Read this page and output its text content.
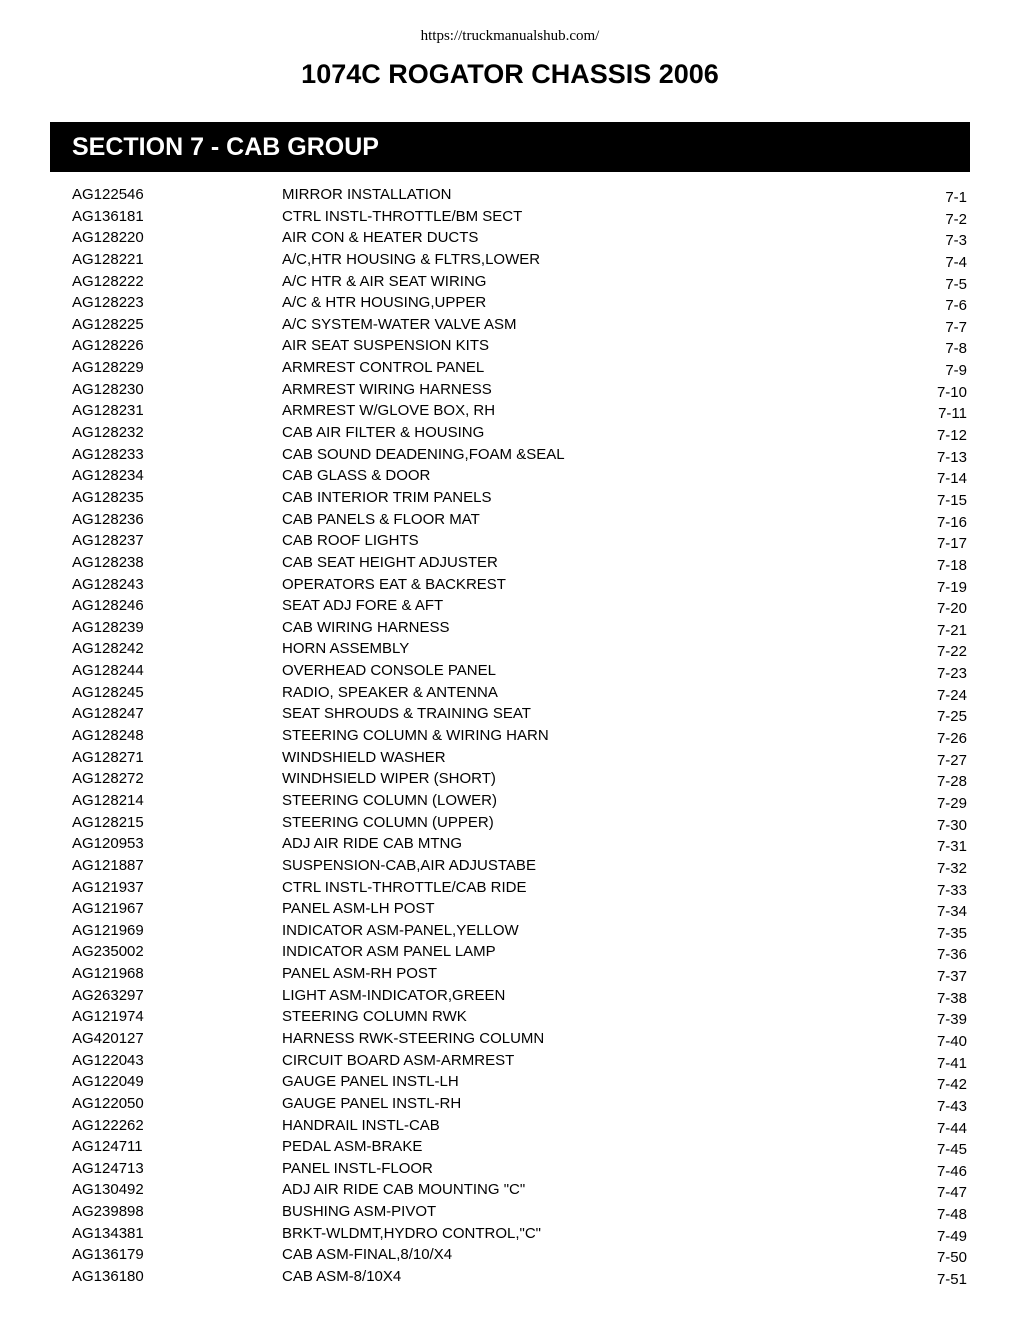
https://truckmanualshub.com/
1074C ROGATOR CHASSIS 2006
SECTION 7 - CAB GROUP
AG122546	MIRROR INSTALLATION	7-1
AG136181	CTRL INSTL-THROTTLE/BM SECT	7-2
AG128220	AIR CON & HEATER DUCTS	7-3
AG128221	A/C,HTR HOUSING & FLTRS,LOWER	7-4
AG128222	A/C HTR & AIR SEAT WIRING	7-5
AG128223	A/C & HTR HOUSING,UPPER	7-6
AG128225	A/C SYSTEM-WATER VALVE ASM	7-7
AG128226	AIR SEAT SUSPENSION KITS	7-8
AG128229	ARMREST CONTROL PANEL	7-9
AG128230	ARMREST WIRING HARNESS	7-10
AG128231	ARMREST W/GLOVE BOX, RH	7-11
AG128232	CAB AIR FILTER & HOUSING	7-12
AG128233	CAB SOUND DEADENING,FOAM &SEAL	7-13
AG128234	CAB GLASS & DOOR	7-14
AG128235	CAB INTERIOR TRIM PANELS	7-15
AG128236	CAB PANELS & FLOOR MAT	7-16
AG128237	CAB ROOF LIGHTS	7-17
AG128238	CAB SEAT HEIGHT ADJUSTER	7-18
AG128243	OPERATORS EAT & BACKREST	7-19
AG128246	SEAT ADJ FORE & AFT	7-20
AG128239	CAB WIRING HARNESS	7-21
AG128242	HORN ASSEMBLY	7-22
AG128244	OVERHEAD CONSOLE PANEL	7-23
AG128245	RADIO, SPEAKER & ANTENNA	7-24
AG128247	SEAT SHROUDS & TRAINING SEAT	7-25
AG128248	STEERING COLUMN & WIRING HARN	7-26
AG128271	WINDSHIELD WASHER	7-27
AG128272	WINDHSIELD WIPER (SHORT)	7-28
AG128214	STEERING COLUMN (LOWER)	7-29
AG128215	STEERING COLUMN (UPPER)	7-30
AG120953	ADJ AIR RIDE CAB MTNG	7-31
AG121887	SUSPENSION-CAB,AIR ADJUSTABE	7-32
AG121937	CTRL INSTL-THROTTLE/CAB RIDE	7-33
AG121967	PANEL ASM-LH POST	7-34
AG121969	INDICATOR ASM-PANEL,YELLOW	7-35
AG235002	INDICATOR ASM PANEL LAMP	7-36
AG121968	PANEL ASM-RH POST	7-37
AG263297	LIGHT ASM-INDICATOR,GREEN	7-38
AG121974	STEERING COLUMN RWK	7-39
AG420127	HARNESS RWK-STEERING COLUMN	7-40
AG122043	CIRCUIT BOARD ASM-ARMREST	7-41
AG122049	GAUGE PANEL INSTL-LH	7-42
AG122050	GAUGE PANEL INSTL-RH	7-43
AG122262	HANDRAIL INSTL-CAB	7-44
AG124711	PEDAL ASM-BRAKE	7-45
AG124713	PANEL INSTL-FLOOR	7-46
AG130492	ADJ AIR RIDE CAB MOUNTING "C"	7-47
AG239898	BUSHING ASM-PIVOT	7-48
AG134381	BRKT-WLDMT,HYDRO CONTROL,"C"	7-49
AG136179	CAB ASM-FINAL,8/10/X4	7-50
AG136180	CAB ASM-8/10X4	7-51
